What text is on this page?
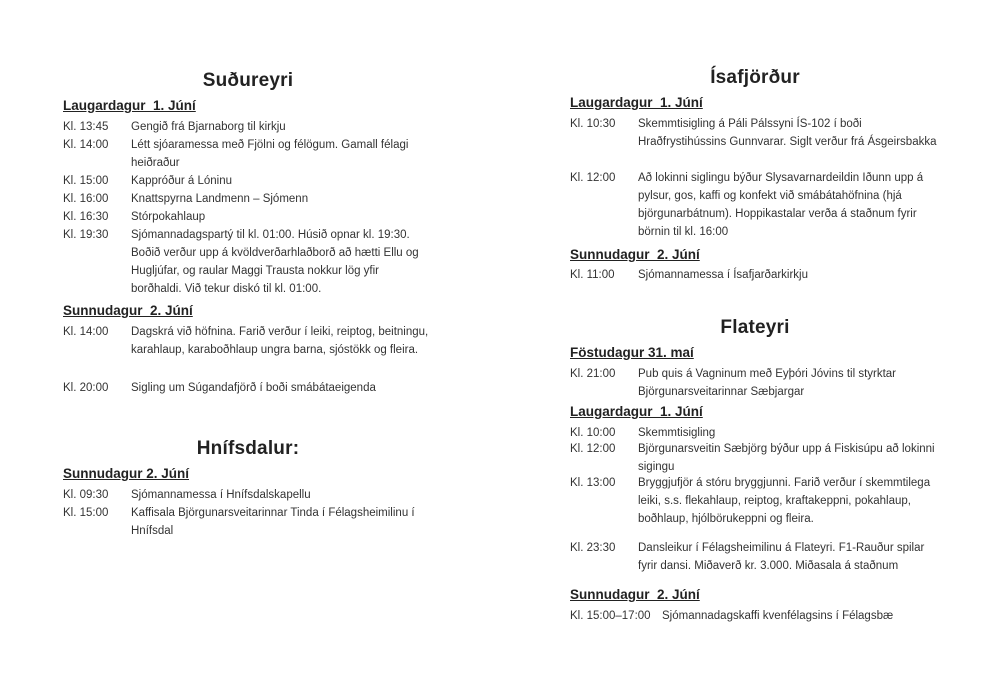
Suðureyri
Laugardagur  1. Júní
Kl. 13:45 Gengið frá Bjarnaborg til kirkju
Kl. 14:00 Létt sjóaramessa með Fjölni og félögum. Gamall félagi heiðraður
Kl. 15:00 Kappróður á Lóninu
Kl. 16:00 Knattspyrna Landmenn – Sjómenn
Kl. 16:30 Stórpokahlaup
Kl. 19:30 Sjómannadagspartý til kl. 01:00. Húsið opnar kl. 19:30. Boðið verður upp á kvöldverðarhlaðborð að hætti Ellu og Hugljúfar, og raular Maggi Trausta nokkur lög yfir borðhaldi. Við tekur diskó til kl. 01:00.
Sunnudagur  2. Júní
Kl. 14:00 Dagskrá við höfnina. Farið verður í leiki, reiptog, beitningu, karahlaup, karaboðhlaup ungra barna, sjóstökk og fleira.
Kl. 20:00 Sigling um Súgandafjörð í boði smábátaeigenda
Hnífsdalur:
Sunnudagur 2. Júní
Kl. 09:30 Sjómannamessa í Hnífsdalskapellu
Kl. 15:00 Kaffisala Björgunarsveitarinnar Tinda í Félagsheimilinu í Hnífsdal
Ísafjörður
Laugardagur  1. Júní
Kl. 10:30 Skemmtisigling á Páli Pálssyni ÍS-102 í boði Hraðfrystihússins Gunnvarar. Siglt verður frá Ásgeirsbakka
Kl. 12:00 Að lokinni siglingu býður Slysavarnardeildin Iðunn upp á pylsur, gos, kaffi og konfekt við smábátahöfnina (hjá björgunarbátnum). Hoppikastalar verða á staðnum fyrir börnin til kl. 16:00
Sunnudagur  2. Júní
Kl. 11:00 Sjómannamessa í Ísafjarðarkirkju
Flateyri
Föstudagur 31. maí
Kl. 21:00 Pub quis á Vagninum með Eyþóri Jóvins til styrktar Björgunarsveitarinnar Sæbjargar
Laugardagur  1. Júní
Kl. 10:00 Skemmtisigling
Kl. 12:00 Björgunarsveitin Sæbjörg býður upp á Fiskisúpu að lokinni sigingu
Kl. 13:00 Bryggjufjör á stóru bryggjunni. Farið verður í skemmtilega leiki, s.s. flekahlaup, reiptog, kraftakeppni, pokahlaup, boðhlaup, hjólbörukeppni og fleira.
Kl. 23:30 Dansleikur í Félagsheimilinu á Flateyri. F1-Rauður spilar fyrir dansi. Miðaverð kr. 3.000. Miðasala á staðnum
Sunnudagur  2. Júní
Kl. 15:00–17:00 Sjómannadagskaffi kvenfélagsins í Félagsbæ
